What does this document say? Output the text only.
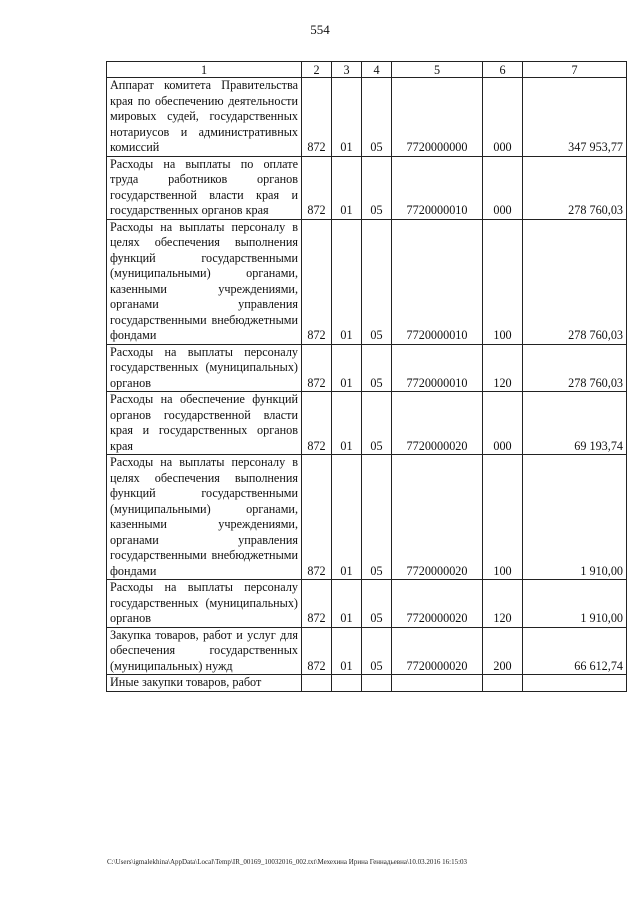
554
1	2	3	4	5	6	7
Аппарат комитета Правительства края по обеспечению деятельности мировых судей, государственных нотариусов и административных комиссий	872	01	05	7720000000	000	347 953,77
Расходы на выплаты по оплате труда работников органов государственной власти края и государственных органов края	872	01	05	7720000010	000	278 760,03
Расходы на выплаты персоналу в целях обеспечения выполнения функций государственными (муниципальными) органами, казенными учреждениями, органами управления государственными внебюджетными фондами	872	01	05	7720000010	100	278 760,03
Расходы на выплаты персоналу государственных (муниципальных) органов	872	01	05	7720000010	120	278 760,03
Расходы на обеспечение функций органов государственной власти края и государственных органов края	872	01	05	7720000020	000	69 193,74
Расходы на выплаты персоналу в целях обеспечения выполнения функций государственными (муниципальными) органами, казенными учреждениями, органами управления государственными внебюджетными фондами	872	01	05	7720000020	100	1 910,00
Расходы на выплаты персоналу государственных (муниципальных) органов	872	01	05	7720000020	120	1 910,00
Закупка товаров, работ и услуг для обеспечения государственных (муниципальных) нужд	872	01	05	7720000020	200	66 612,74
Иные закупки товаров, работ						
C:\Users\igmalekhina\AppData\Local\Temp\IR_00169_10032016_002.txt\Мехехина Ирина Геннадьевна\10.03.2016 16:15:03
